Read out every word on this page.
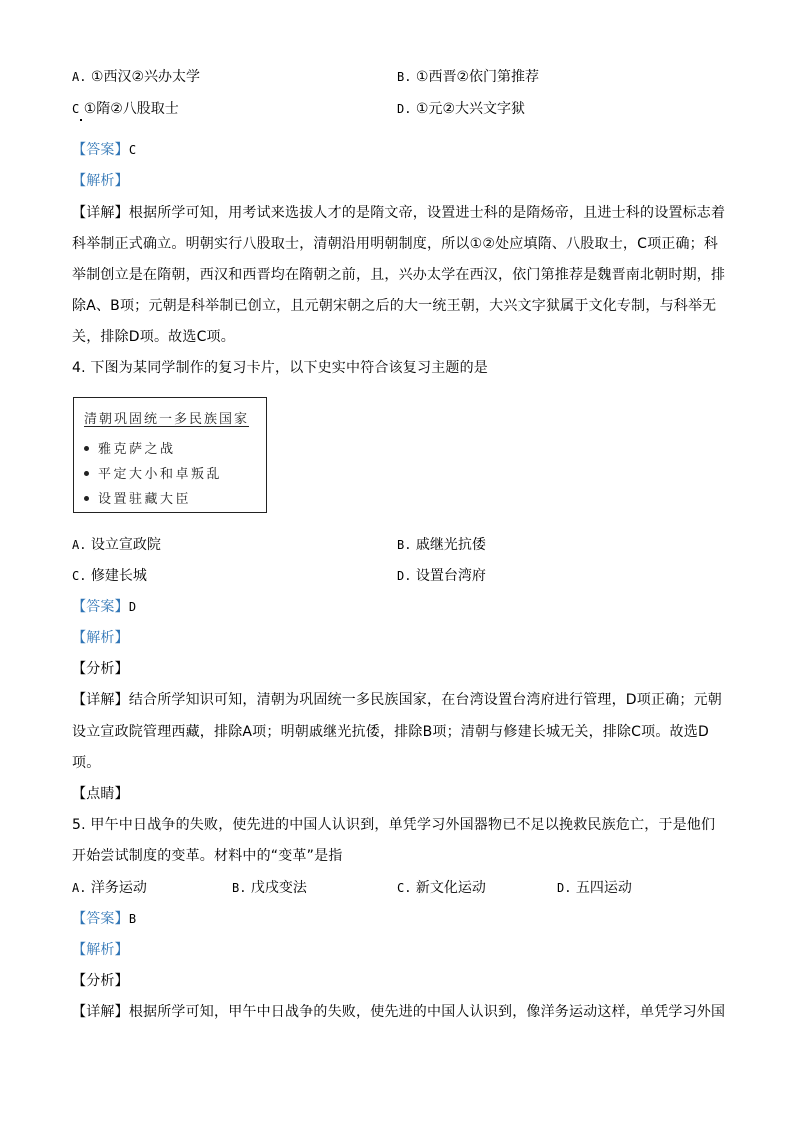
A. ①西汉②兴办太学	B. ①西晋②依门第推荐
C ①隋②八股取士	D. ①元②大兴文字狱
【答案】C
【解析】
【详解】根据所学可知，用考试来选拔人才的是隋文帝，设置进士科的是隋炀帝，且进士科的设置标志着
科举制正式确立。明朝实行八股取士，清朝沿用明朝制度，所以①②处应填隋、八股取士，C项正确；科
举制创立是在隋朝，西汉和西晋均在隋朝之前，且，兴办太学在西汉，依门第推荐是魏晋南北朝时期，排
除A、B项；元朝是科举制已创立，且元朝宋朝之后的大一统王朝，大兴文字狱属于文化专制，与科举无
关，排除D项。故选C项。
4. 下图为某同学制作的复习卡片，以下史实中符合该复习主题的是
清朝巩固统一多民族国家
雅克萨之战
平定大小和卓叛乱
设置驻藏大臣
A. 设立宣政院	B. 戚继光抗倭
C. 修建长城	D. 设置台湾府
【答案】D
【解析】
【分析】
【详解】结合所学知识可知，清朝为巩固统一多民族国家，在台湾设置台湾府进行管理，D项正确；元朝
设立宣政院管理西藏，排除A项；明朝戚继光抗倭，排除B项；清朝与修建长城无关，排除C项。故选D
项。
【点睛】
5. 甲午中日战争的失败，使先进的中国人认识到，单凭学习外国器物已不足以挽救民族危亡，于是他们
开始尝试制度的变革。材料中的“变革”是指
A. 洋务运动	B. 戊戌变法	C. 新文化运动	D. 五四运动
【答案】B
【解析】
【分析】
【详解】根据所学可知，甲午中日战争的失败，使先进的中国人认识到，像洋务运动这样，单凭学习外国
